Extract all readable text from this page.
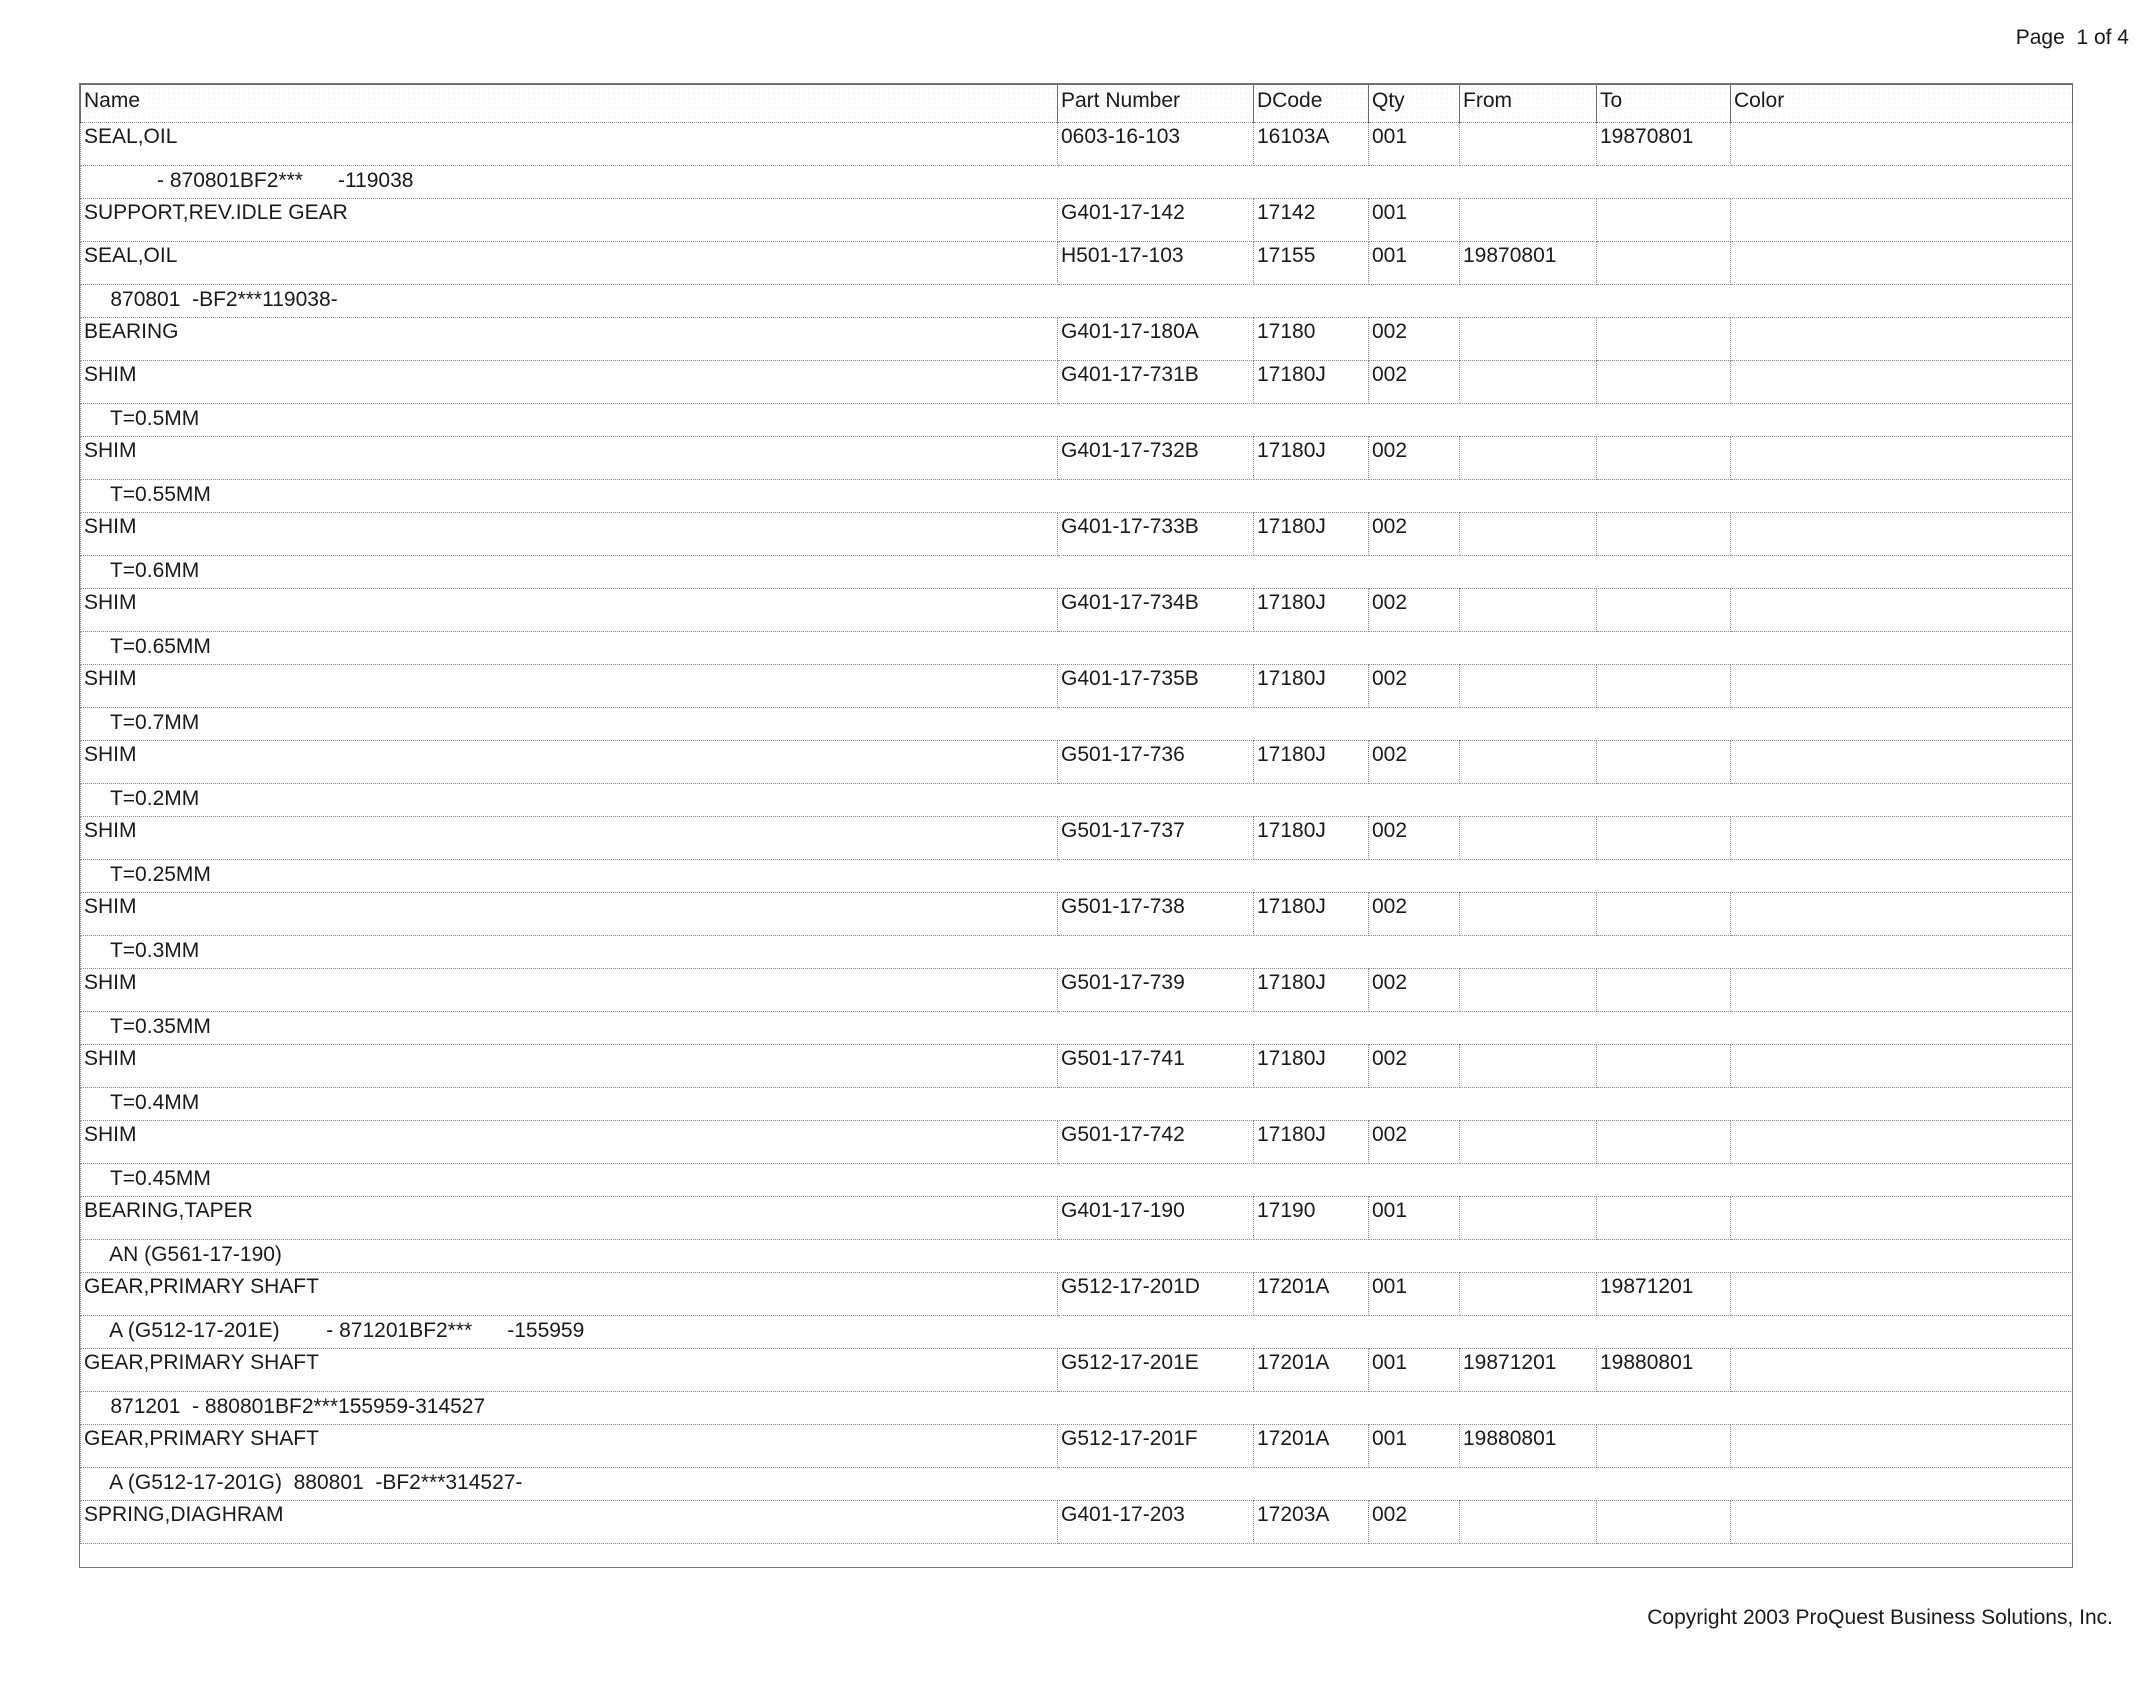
Page  1 of 4
Name	Part Number	DCode	Qty	From	To	Color
SEAL,OIL	0603-16-103	16103A	001		19870801	
- 870801BF2***      -119038						
SUPPORT,REV.IDLE GEAR	G401-17-142	17142	001			
SEAL,OIL	H501-17-103	17155	001	19870801		
870801  -BF2***119038-						
BEARING	G401-17-180A	17180	002			
SHIM	G401-17-731B	17180J	002			
T=0.5MM						
SHIM	G401-17-732B	17180J	002			
T=0.55MM						
SHIM	G401-17-733B	17180J	002			
T=0.6MM						
SHIM	G401-17-734B	17180J	002			
T=0.65MM						
SHIM	G401-17-735B	17180J	002			
T=0.7MM						
SHIM	G501-17-736	17180J	002			
T=0.2MM						
SHIM	G501-17-737	17180J	002			
T=0.25MM						
SHIM	G501-17-738	17180J	002			
T=0.3MM						
SHIM	G501-17-739	17180J	002			
T=0.35MM						
SHIM	G501-17-741	17180J	002			
T=0.4MM						
SHIM	G501-17-742	17180J	002			
T=0.45MM						
BEARING,TAPER	G401-17-190	17190	001			
AN (G561-17-190)						
GEAR,PRIMARY SHAFT	G512-17-201D	17201A	001		19871201	
A (G512-17-201E)        - 871201BF2***      -155959						
GEAR,PRIMARY SHAFT	G512-17-201E	17201A	001	19871201	19880801	
871201  - 880801BF2***155959-314527						
GEAR,PRIMARY SHAFT	G512-17-201F	17201A	001	19880801		
A (G512-17-201G)  880801  -BF2***314527-						
SPRING,DIAGHRAM	G401-17-203	17203A	002			
Copyright 2003 ProQuest Business Solutions, Inc.
